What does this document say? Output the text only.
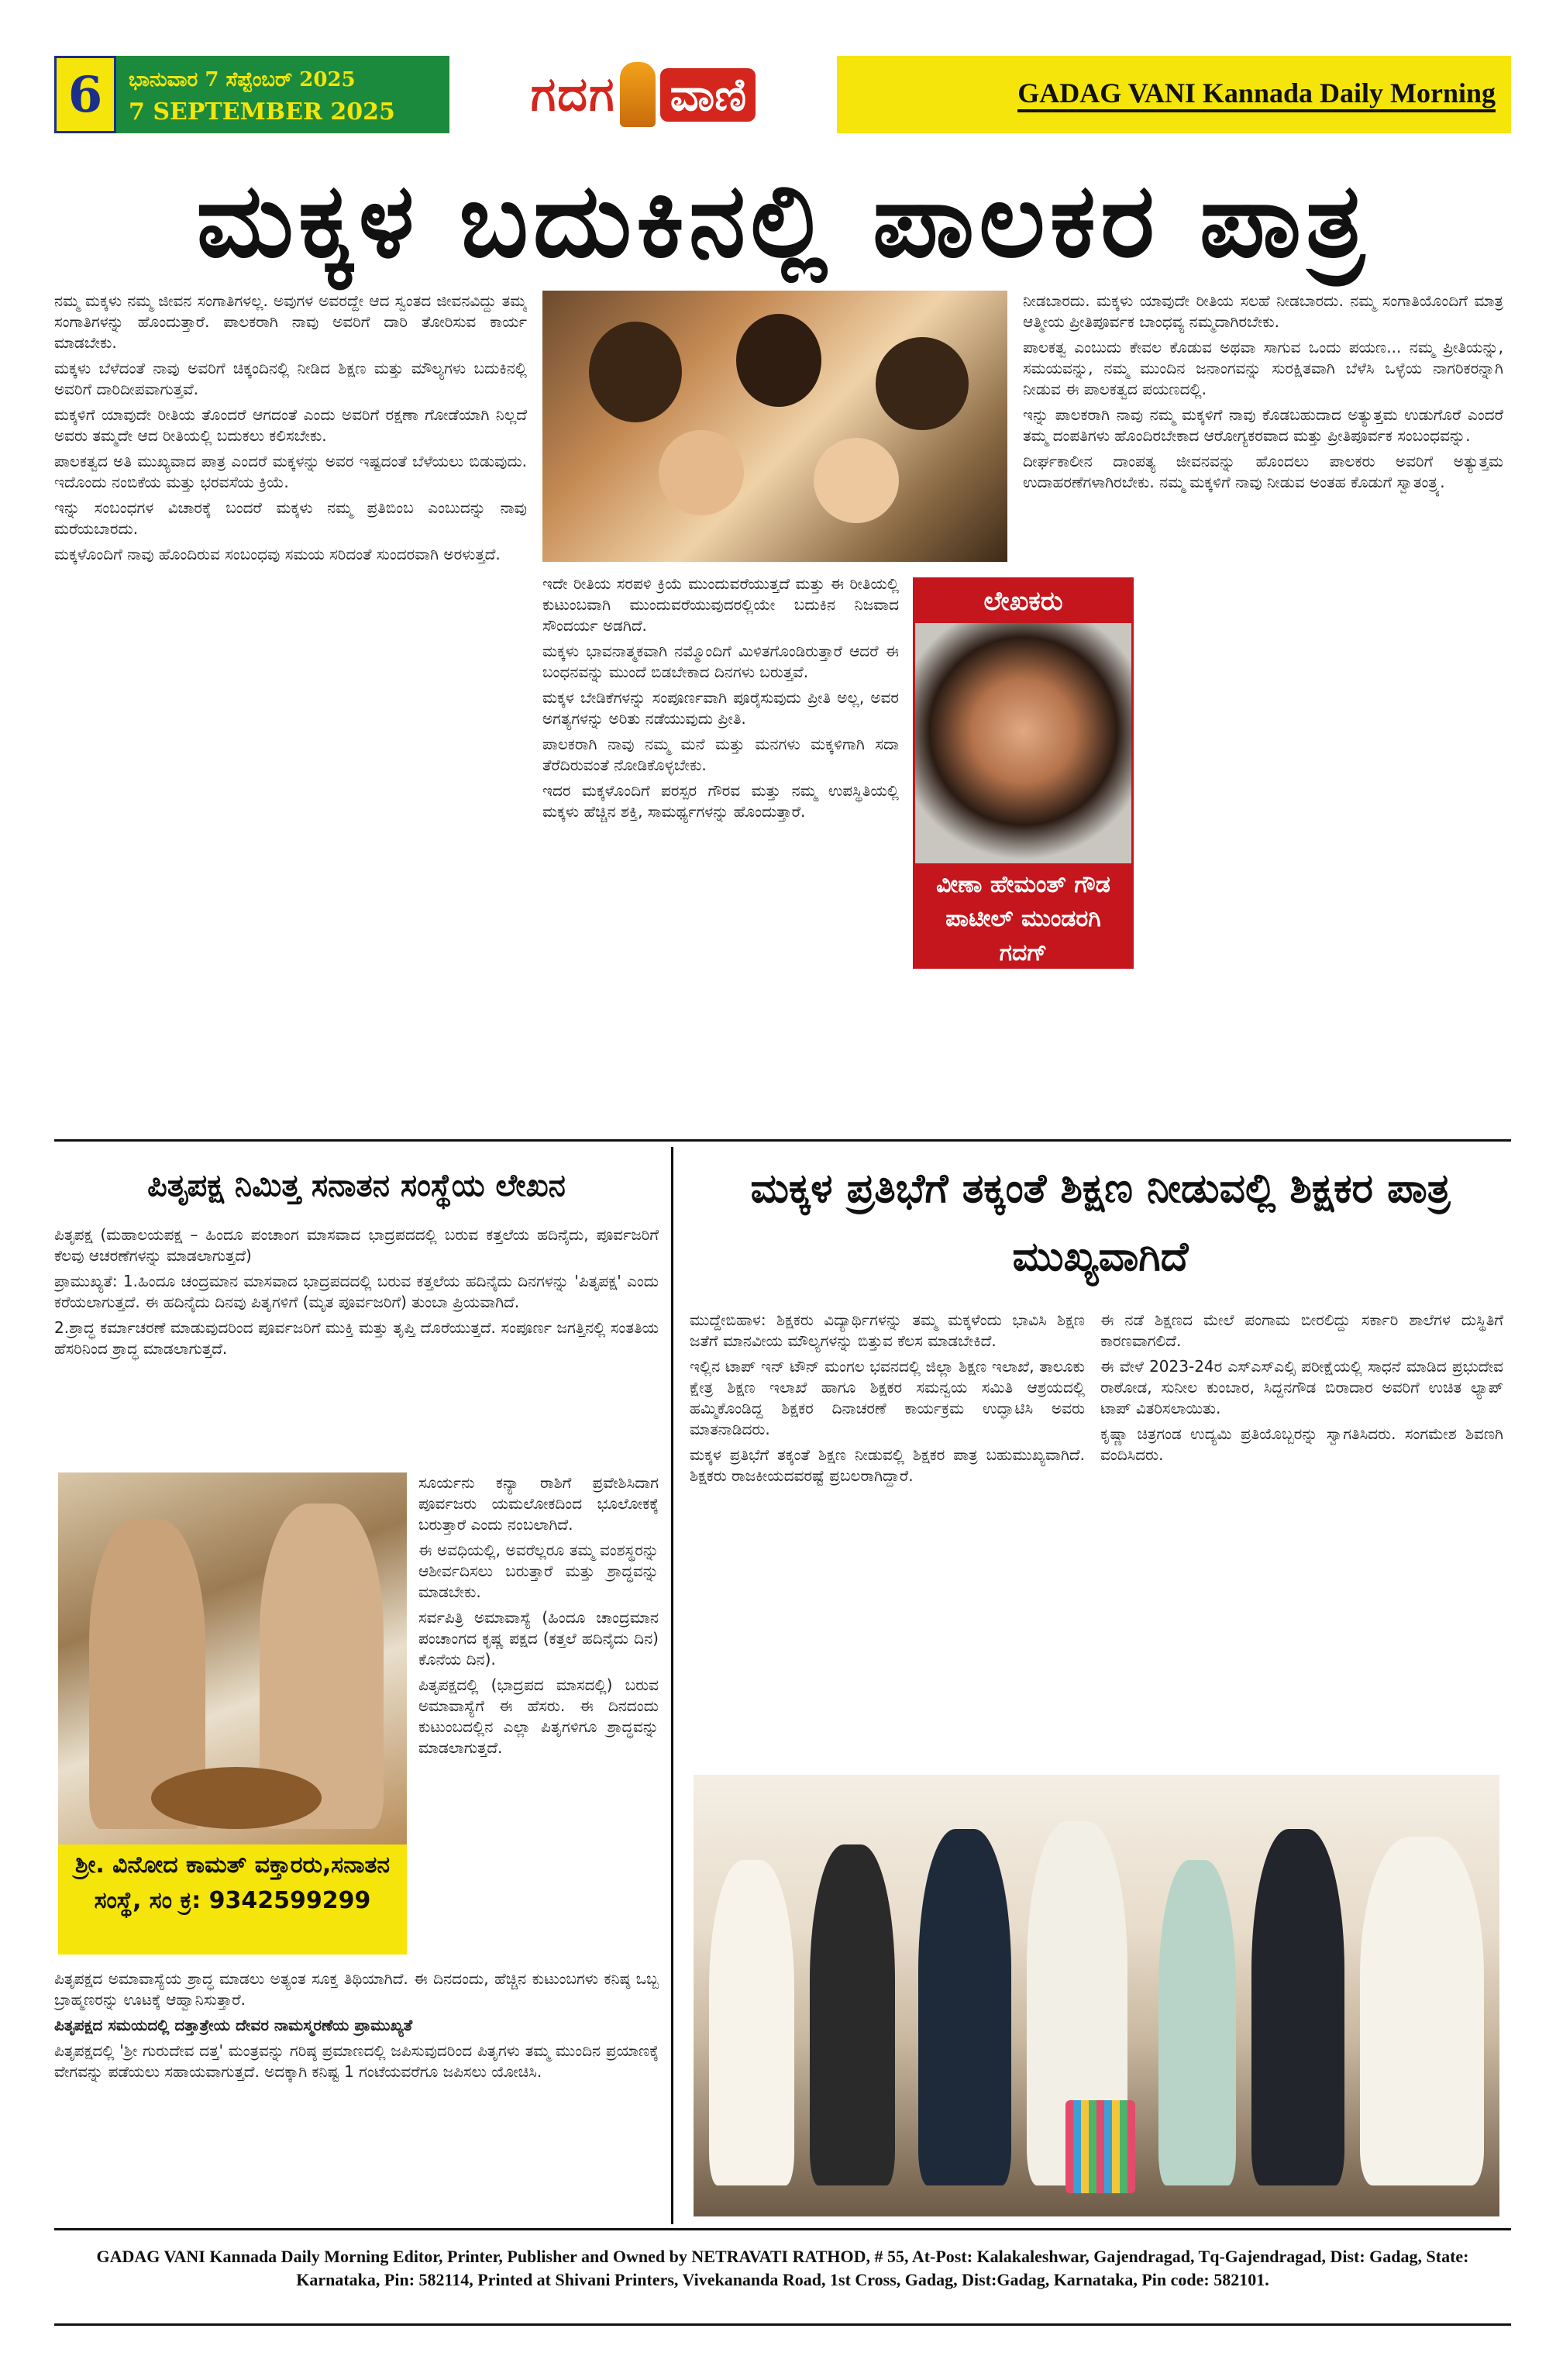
6	ಭಾನುವಾರ 7 ಸೆಪ್ಟೆಂಬರ್ 2025
7 SEPTEMBER 2025	ಗದಗ ವಾಣಿ	GADAG VANI Kannada Daily Morning
ಮಕ್ಕಳ ಬದುಕಿನಲ್ಲಿ ಪಾಲಕರ ಪಾತ್ರ

ನಮ್ಮ ಮಕ್ಕಳು ನಮ್ಮ ಜೀವನ ಸಂಗಾತಿಗಳಲ್ಲ. ಅವುಗಳ ಅವರದ್ದೇ ಆದ ಸ್ವಂತದ ಜೀವನವಿದ್ದು ತಮ್ಮ ಸಂಗಾತಿಗಳನ್ನು ಹೊಂದುತ್ತಾರೆ. ಪಾಲಕರಾಗಿ ನಾವು ಅವರಿಗೆ ದಾರಿ ತೋರಿಸುವ ಕಾರ್ಯ ಮಾಡಬೇಕು.

ಮಕ್ಕಳು ಬೆಳೆದಂತೆ ನಾವು ಅವರಿಗೆ ಚಿಕ್ಕಂದಿನಲ್ಲಿ ನೀಡಿದ ಶಿಕ್ಷಣ ಮತ್ತು ಮೌಲ್ಯಗಳು ಬದುಕಿನಲ್ಲಿ ಅವರಿಗೆ ದಾರಿದೀಪವಾಗುತ್ತವೆ.

ಮಕ್ಕಳಿಗೆ ಯಾವುದೇ ರೀತಿಯ ತೊಂದರೆ ಆಗದಂತೆ ಎಂದು ಅವರಿಗೆ ರಕ್ಷಣಾ ಗೋಡೆಯಾಗಿ ನಿಲ್ಲದೆ ಅವರು ತಮ್ಮದೇ ಆದ ರೀತಿಯಲ್ಲಿ ಬದುಕಲು ಕಲಿಸಬೇಕು.

ಪಾಲಕತ್ವದ ಅತಿ ಮುಖ್ಯವಾದ ಪಾತ್ರ ಎಂದರೆ ಮಕ್ಕಳನ್ನು ಅವರ ಇಷ್ಟದಂತೆ ಬೆಳೆಯಲು ಬಿಡುವುದು. ಇದೊಂದು ನಂಬಿಕೆಯ ಮತ್ತು ಭರವಸೆಯ ಕ್ರಿಯೆ.

ಇನ್ನು ಸಂಬಂಧಗಳ ವಿಚಾರಕ್ಕೆ ಬಂದರೆ ಮಕ್ಕಳು ನಮ್ಮ ಪ್ರತಿಬಿಂಬ ಎಂಬುದನ್ನು ನಾವು ಮರೆಯಬಾರದು.

ಮಕ್ಕಳೊಂದಿಗೆ ನಾವು ಹೊಂದಿರುವ ಸಂಬಂಧವು ಸಮಯ ಸರಿದಂತೆ ಸುಂದರವಾಗಿ ಅರಳುತ್ತದೆ.

ಇದೇ ರೀತಿಯ ಸರಪಳಿ ಕ್ರಿಯೆ ಮುಂದುವರೆಯುತ್ತದೆ ಮತ್ತು ಈ ರೀತಿಯಲ್ಲಿ ಕುಟುಂಬವಾಗಿ ಮುಂದುವರೆಯುವುದರಲ್ಲಿಯೇ ಬದುಕಿನ ನಿಜವಾದ ಸೌಂದರ್ಯ ಅಡಗಿದೆ.

ಮಕ್ಕಳು ಭಾವನಾತ್ಮಕವಾಗಿ ನಮ್ಮೊಂದಿಗೆ ಮಿಳಿತಗೊಂಡಿರುತ್ತಾರೆ ಆದರೆ ಈ ಬಂಧನವನ್ನು ಮುಂದೆ ಬಿಡಬೇಕಾದ ದಿನಗಳು ಬರುತ್ತವೆ.

ಮಕ್ಕಳ ಬೇಡಿಕೆಗಳನ್ನು ಸಂಪೂರ್ಣವಾಗಿ ಪೂರೈಸುವುದು ಪ್ರೀತಿ ಅಲ್ಲ, ಅವರ ಅಗತ್ಯಗಳನ್ನು ಅರಿತು ನಡೆಯುವುದು ಪ್ರೀತಿ.

ಪಾಲಕರಾಗಿ ನಾವು ನಮ್ಮ ಮನೆ ಮತ್ತು ಮನಗಳು ಮಕ್ಕಳಿಗಾಗಿ ಸದಾ ತೆರೆದಿರುವಂತೆ ನೋಡಿಕೊಳ್ಳಬೇಕು.

ಇದರ ಮಕ್ಕಳೊಂದಿಗೆ ಪರಸ್ಪರ ಗೌರವ ಮತ್ತು ನಮ್ಮ ಉಪಸ್ಥಿತಿಯಲ್ಲಿ ಮಕ್ಕಳು ಹೆಚ್ಚಿನ ಶಕ್ತಿ, ಸಾಮರ್ಥ್ಯಗಳನ್ನು ಹೊಂದುತ್ತಾರೆ.

ಲೇಖಕರು
ವೀಣಾ ಹೇಮಂತ್ ಗೌಡ ಪಾಟೀಲ್ ಮುಂಡರಗಿ ಗದಗ್

ನೀಡಬಾರದು. ಮಕ್ಕಳು ಯಾವುದೇ ರೀತಿಯ ಸಲಹೆ ನೀಡಬಾರದು. ನಮ್ಮ ಸಂಗಾತಿಯೊಂದಿಗೆ ಮಾತ್ರ ಆತ್ಮೀಯ ಪ್ರೀತಿಪೂರ್ವಕ ಬಾಂಧವ್ಯ ನಮ್ಮದಾಗಿರಬೇಕು.

ಪಾಲಕತ್ವ ಎಂಬುದು ಕೇವಲ ಕೊಡುವ ಅಥವಾ ಸಾಗುವ ಒಂದು ಪಯಣ... ನಮ್ಮ ಪ್ರೀತಿಯನ್ನು, ಸಮಯವನ್ನು, ನಮ್ಮ ಮುಂದಿನ ಜನಾಂಗವನ್ನು ಸುರಕ್ಷಿತವಾಗಿ ಬೆಳೆಸಿ ಒಳ್ಳೆಯ ನಾಗರಿಕರನ್ನಾಗಿ ನೀಡುವ ಈ ಪಾಲಕತ್ವದ ಪಯಣದಲ್ಲಿ.

ಇನ್ನು ಪಾಲಕರಾಗಿ ನಾವು ನಮ್ಮ ಮಕ್ಕಳಿಗೆ ನಾವು ಕೊಡಬಹುದಾದ ಅತ್ಯುತ್ತಮ ಉಡುಗೊರೆ ಎಂದರೆ ತಮ್ಮ ದಂಪತಿಗಳು ಹೊಂದಿರಬೇಕಾದ ಆರೋಗ್ಯಕರವಾದ ಮತ್ತು ಪ್ರೀತಿಪೂರ್ವಕ ಸಂಬಂಧವನ್ನು.

ದೀರ್ಘಕಾಲೀನ ದಾಂಪತ್ಯ ಜೀವನವನ್ನು ಹೊಂದಲು ಪಾಲಕರು ಅವರಿಗೆ ಅತ್ಯುತ್ತಮ ಉದಾಹರಣೆಗಳಾಗಿರಬೇಕು. ನಮ್ಮ ಮಕ್ಕಳಿಗೆ ನಾವು ನೀಡುವ ಅಂತಹ ಕೊಡುಗೆ ಸ್ವಾತಂತ್ರ್ಯ.

ಪಿತೃಪಕ್ಷ ನಿಮಿತ್ತ ಸನಾತನ ಸಂಸ್ಥೆಯ ಲೇಖನ

ಪಿತೃಪಕ್ಷ (ಮಹಾಲಯಪಕ್ಷ – ಹಿಂದೂ ಪಂಚಾಂಗ ಮಾಸವಾದ ಭಾದ್ರಪದದಲ್ಲಿ ಬರುವ ಕತ್ತಲೆಯ ಹದಿನೈದು, ಪೂರ್ವಜರಿಗೆ ಕೆಲವು ಆಚರಣೆಗಳನ್ನು ಮಾಡಲಾಗುತ್ತದೆ)

ಪ್ರಾಮುಖ್ಯತೆ: 1.ಹಿಂದೂ ಚಂದ್ರಮಾನ ಮಾಸವಾದ ಭಾದ್ರಪದದಲ್ಲಿ ಬರುವ ಕತ್ತಲೆಯ ಹದಿನೈದು ದಿನಗಳನ್ನು 'ಪಿತೃಪಕ್ಷ' ಎಂದು ಕರೆಯಲಾಗುತ್ತದೆ. ಈ ಹದಿನೈದು ದಿನವು ಪಿತೃಗಳಿಗೆ (ಮೃತ ಪೂರ್ವಜರಿಗೆ) ತುಂಬಾ ಪ್ರಿಯವಾಗಿದೆ.

2.ಶ್ರಾದ್ಧ ಕರ್ಮಾಚರಣೆ ಮಾಡುವುದರಿಂದ ಪೂರ್ವಜರಿಗೆ ಮುಕ್ತಿ ಮತ್ತು ತೃಪ್ತಿ ದೊರೆಯುತ್ತದೆ. ಸಂಪೂರ್ಣ ಜಗತ್ತಿನಲ್ಲಿ ಸಂತತಿಯ ಹೆಸರಿನಿಂದ ಶ್ರಾದ್ಧ ಮಾಡಲಾಗುತ್ತದೆ.

ಶ್ರೀ. ವಿನೋದ ಕಾಮತ್ ವಕ್ತಾರರು,ಸನಾತನ ಸಂಸ್ಥೆ, ಸಂ ಕ್ರ: 9342599299

ಸೂರ್ಯನು ಕನ್ಯಾ ರಾಶಿಗೆ ಪ್ರವೇಶಿಸಿದಾಗ ಪೂರ್ವಜರು ಯಮಲೋಕದಿಂದ ಭೂಲೋಕಕ್ಕೆ ಬರುತ್ತಾರೆ ಎಂದು ನಂಬಲಾಗಿದೆ.

ಈ ಅವಧಿಯಲ್ಲಿ, ಅವರೆಲ್ಲರೂ ತಮ್ಮ ವಂಶಸ್ಥರನ್ನು ಆಶೀರ್ವದಿಸಲು ಬರುತ್ತಾರೆ ಮತ್ತು ಶ್ರಾದ್ಧವನ್ನು ಮಾಡಬೇಕು.

ಸರ್ವಪಿತ್ರಿ ಅಮಾವಾಸ್ಯೆ (ಹಿಂದೂ ಚಾಂದ್ರಮಾನ ಪಂಚಾಂಗದ ಕೃಷ್ಣ ಪಕ್ಷದ (ಕತ್ತಲೆ ಹದಿನೈದು ದಿನ) ಕೊನೆಯ ದಿನ).

ಪಿತೃಪಕ್ಷದಲ್ಲಿ (ಭಾದ್ರಪದ ಮಾಸದಲ್ಲಿ) ಬರುವ ಅಮಾವಾಸ್ಯೆಗೆ ಈ ಹೆಸರು. ಈ ದಿನದಂದು ಕುಟುಂಬದಲ್ಲಿನ ಎಲ್ಲಾ ಪಿತೃಗಳಿಗೂ ಶ್ರಾದ್ಧವನ್ನು ಮಾಡಲಾಗುತ್ತದೆ.

ಪಿತೃಪಕ್ಷದ ಅಮಾವಾಸ್ಯೆಯ ಶ್ರಾದ್ಧ ಮಾಡಲು ಅತ್ಯಂತ ಸೂಕ್ತ ತಿಥಿಯಾಗಿದೆ. ಈ ದಿನದಂದು, ಹೆಚ್ಚಿನ ಕುಟುಂಬಗಳು ಕನಿಷ್ಠ ಒಬ್ಬ ಬ್ರಾಹ್ಮಣರನ್ನು ಊಟಕ್ಕೆ ಆಹ್ವಾನಿಸುತ್ತಾರೆ.

ಪಿತೃಪಕ್ಷದ ಸಮಯದಲ್ಲಿ ದತ್ತಾತ್ರೇಯ ದೇವರ ನಾಮಸ್ಮರಣೆಯ ಪ್ರಾಮುಖ್ಯತೆ

ಪಿತೃಪಕ್ಷದಲ್ಲಿ 'ಶ್ರೀ ಗುರುದೇವ ದತ್ತ' ಮಂತ್ರವನ್ನು ಗರಿಷ್ಠ ಪ್ರಮಾಣದಲ್ಲಿ ಜಪಿಸುವುದರಿಂದ ಪಿತೃಗಳು ತಮ್ಮ ಮುಂದಿನ ಪ್ರಯಾಣಕ್ಕೆ ವೇಗವನ್ನು ಪಡೆಯಲು ಸಹಾಯವಾಗುತ್ತದೆ. ಅದಕ್ಕಾಗಿ ಕನಿಷ್ಟ 1 ಗಂಟೆಯವರೆಗೂ ಜಪಿಸಲು ಯೋಚಿಸಿ.

ಮಕ್ಕಳ ಪ್ರತಿಭೆಗೆ ತಕ್ಕಂತೆ ಶಿಕ್ಷಣ ನೀಡುವಲ್ಲಿ ಶಿಕ್ಷಕರ ಪಾತ್ರ ಮುಖ್ಯವಾಗಿದೆ

ಮುದ್ದೇಬಿಹಾಳ: ಶಿಕ್ಷಕರು ವಿದ್ಯಾರ್ಥಿಗಳನ್ನು ತಮ್ಮ ಮಕ್ಕಳೆಂದು ಭಾವಿಸಿ ಶಿಕ್ಷಣ ಜತೆಗೆ ಮಾನವೀಯ ಮೌಲ್ಯಗಳನ್ನು ಬಿತ್ತುವ ಕೆಲಸ ಮಾಡಬೇಕಿದೆ.

ಇಲ್ಲಿನ ಟಾಪ್ ಇನ್ ಟೌನ್ ಮಂಗಲ ಭವನದಲ್ಲಿ ಜಿಲ್ಲಾ ಶಿಕ್ಷಣ ಇಲಾಖೆ, ತಾಲೂಕು ಕ್ಷೇತ್ರ ಶಿಕ್ಷಣ ಇಲಾಖೆ ಹಾಗೂ ಶಿಕ್ಷಕರ ಸಮನ್ವಯ ಸಮಿತಿ ಆಶ್ರಯದಲ್ಲಿ ಹಮ್ಮಿಕೊಂಡಿದ್ದ ಶಿಕ್ಷಕರ ದಿನಾಚರಣೆ ಕಾರ್ಯಕ್ರಮ ಉದ್ಘಾಟಿಸಿ ಅವರು ಮಾತನಾಡಿದರು.

ಮಕ್ಕಳ ಪ್ರತಿಭೆಗೆ ತಕ್ಕಂತೆ ಶಿಕ್ಷಣ ನೀಡುವಲ್ಲಿ ಶಿಕ್ಷಕರ ಪಾತ್ರ ಬಹುಮುಖ್ಯವಾಗಿದೆ. ಶಿಕ್ಷಕರು ರಾಜಕೀಯದವರಷ್ಟೆ ಪ್ರಬಲರಾಗಿದ್ದಾರೆ.

ಈ ನಡೆ ಶಿಕ್ಷಣದ ಮೇಲೆ ಪಂಗಾಮ ಬೀರಲಿದ್ದು ಸರ್ಕಾರಿ ಶಾಲೆಗಳ ದುಸ್ಥಿತಿಗೆ ಕಾರಣವಾಗಲಿದೆ.

ಈ ವೇಳೆ 2023-24ರ ಎಸ್ಎಸ್ಎಲ್ಸಿ ಪರೀಕ್ಷೆಯಲ್ಲಿ ಸಾಧನೆ ಮಾಡಿದ ಪ್ರಭುದೇವ ರಾಠೋಡ, ಸುನೀಲ ಕುಂಬಾರ, ಸಿದ್ದನಗೌಡ ಬಿರಾದಾರ ಅವರಿಗೆ ಉಚಿತ ಲ್ಯಾಪ್ ಟಾಪ್ ವಿತರಿಸಲಾಯಿತು.

ಕೃಷ್ಣಾ ಚಿತ್ರಗಂಡ ಉದ್ಯಮಿ ಪ್ರತಿಯೊಬ್ಬರನ್ನು ಸ್ವಾಗತಿಸಿದರು. ಸಂಗಮೇಶ ಶಿವಣಗಿ ವಂದಿಸಿದರು.

GADAG VANI Kannada Daily Morning Editor, Printer, Publisher and Owned by NETRAVATI RATHOD, # 55, At-Post: Kalakaleshwar, Gajendragad, Tq-Gajendragad, Dist: Gadag, State:
Karnataka, Pin: 582114, Printed at Shivani Printers, Vivekananda Road, 1st Cross, Gadag, Dist:Gadag, Karnataka, Pin code: 582101.
